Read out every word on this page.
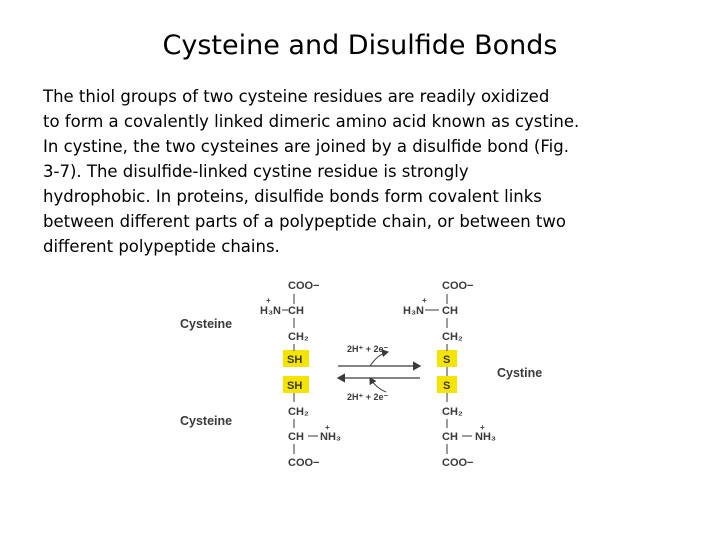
Cysteine and Disulfide Bonds
The thiol groups of two cysteine residues are readily oxidized
to form a covalently linked dimeric amino acid known as cystine.
In cystine, the two cysteines are joined by a disulfide bond (Fig.
3-7). The disulfide-linked cystine residue is strongly
hydrophobic. In proteins, disulfide bonds form covalent links
between different parts of a polypeptide chain, or between two
different polypeptide chains.
Cysteine
Cysteine
Cystine
COO−
+
H₃N CH
CH₂
SH
SH
CH₂
CH
+
NH₃
COO−
2H⁺ + 2e⁻
2H⁺ + 2e⁻
COO−
+
H₃N CH
CH₂
S
S
CH₂
CH
+
NH₃
COO−
